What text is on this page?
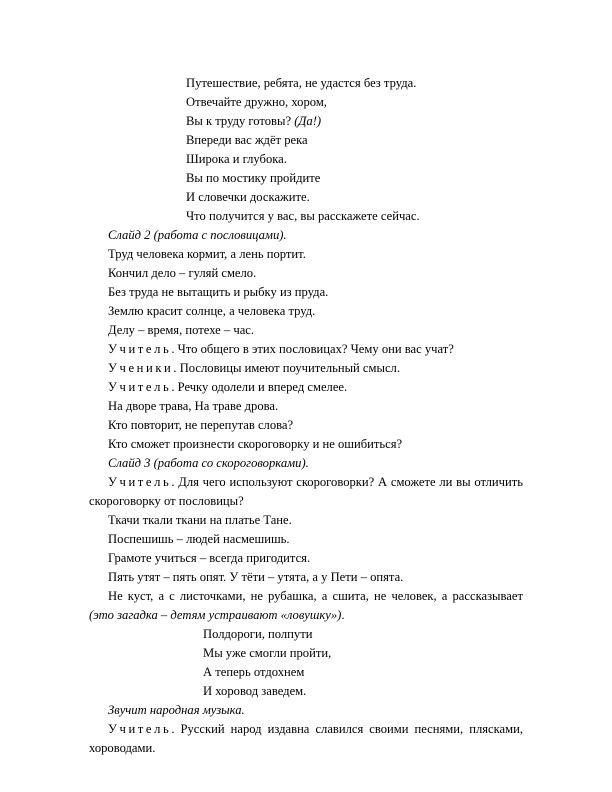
Путешествие, ребята, не удастся без труда.
Отвечайте дружно, хором,
Вы к труду готовы? (Да!)
Впереди вас ждёт река
Широка и глубока.
Вы по мостику пройдите
И словечки доскажите.
Что получится у вас, вы расскажете сейчас.
Слайд 2 (работа с пословицами).
Труд человека кормит, а лень портит.
Кончил дело – гуляй смело.
Без труда не вытащить и рыбку из пруда.
Землю красит солнце, а человека труд.
Делу – время, потехе – час.
Учитель. Что общего в этих пословицах? Чему они вас учат?
Ученики. Пословицы имеют поучительный смысл.
Учитель. Речку одолели и вперед смелее.
На дворе трава, На траве дрова.
Кто повторит, не перепутав слова?
Кто сможет произнести скороговорку и не ошибиться?
Слайд 3 (работа со скороговорками).
Учитель. Для чего используют скороговорки? А сможете ли вы отличить скороговорку от пословицы?
Ткачи ткали ткани на платье Тане.
Поспешишь – людей насмешишь.
Грамоте учиться – всегда пригодится.
Пять утят – пять опят. У тёти – утята, а у Пети – опята.
Не куст, а с листочками, не рубашка, а сшита, не человек, а рассказывает (это загадка – детям устраивают «ловушку»).
Полдороги, полпути
Мы уже смогли пройти,
А теперь отдохнем
И хоровод заведем.
Звучит народная музыка.
Учитель. Русский народ издавна славился своими песнями, плясками, хороводами.
